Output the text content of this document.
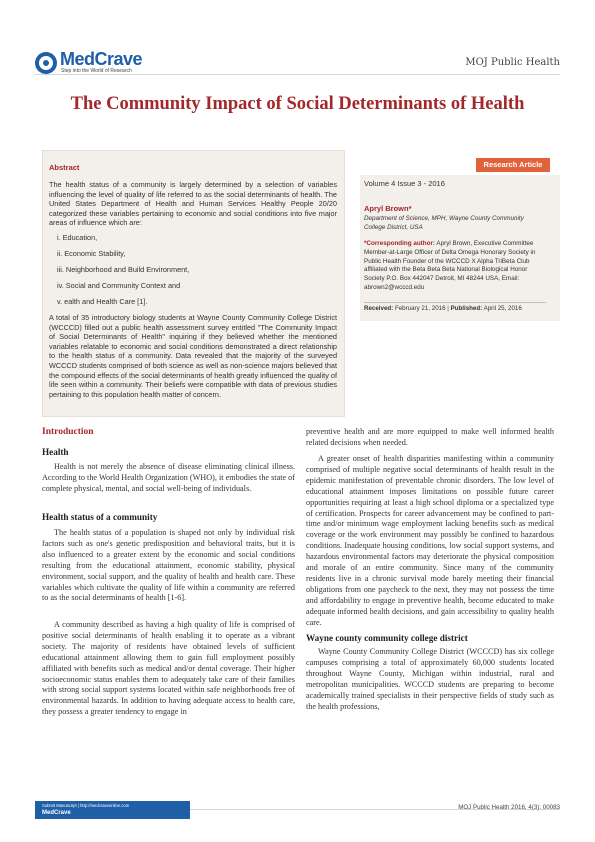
MedCrave
Step into the World of Research
MOJ Public Health
The Community Impact of Social Determinants of Health
Abstract
The health status of a community is largely determined by a selection of variables influencing the level of quality of life referred to as the social determinants of health. The United States Department of Health and Human Services Healthy People 20/20 categorized these variables pertaining to economic and social conditions into five major areas of influence which are:
i. Education,
ii. Economic Stability,
iii. Neighborhood and Build Environment,
iv. Social and Community Context and
v. ealth and Health Care [1].
A total of 35 introductory biology students at Wayne County Community College District (WCCCD) filled out a public health assessment survey entitled "The Community Impact of Social Determinants of Health" inquiring if they believed whether the mentioned variables relatable to economic and social conditions demonstrated a direct relationship to the health status of a community. Data revealed that the majority of the surveyed WCCCD students comprised of both science as well as non-science majors believed that the compound effects of the social determinants of health greatly influenced the quality of life seen within a community. Their beliefs were compatible with data of previous studies pertaining to this population health matter of concern.
Research Article
Volume 4 Issue 3 - 2016
Apryl Brown*
Department of Science, MPH, Wayne County Community College District, USA
*Corresponding author: Apryl Brown, Executive Committee Member-at-Large Officer of Delta Omega Honorary Society in Public Health Founder of the WCCCD X Alpha TriBeta Club affiliated with the Beta Beta Beta National Biological Honor Society P.O. Box 442047 Detroit, MI 48244 USA, Email: abrown2@wcccd.edu
Received: February 21, 2016 | Published: April 25, 2016
Introduction
Health
Health is not merely the absence of disease eliminating clinical illness. According to the World Health Organization (WHO), it embodies the state of complete physical, mental, and social well-being of individuals.
Health status of a community
The health status of a population is shaped not only by individual risk factors such as one's genetic predisposition and behavioral traits, but it is also influenced to a greater extent by the economic and social conditions resulting from the educational attainment, economic stability, physical environment, social support, and the quality of health and health care. These variables which cultivate the quality of life within a community are referred to as the social determinants of health [1-6].
A community described as having a high quality of life is comprised of positive social determinants of health enabling it to operate as a vibrant society. The majority of residents have obtained levels of sufficient educational attainment allowing them to gain full employment possibly affiliated with benefits such as medical and/or dental coverage. Their higher socioeconomic status enables them to adequately take care of their families with strong social support systems located within safe neighborhoods free of environmental hazards. In addition to having adequate access to health care, they possess a greater tendency to engage in
preventive health and are more equipped to make well informed health related decisions when needed.
A greater onset of health disparities manifesting within a community comprised of multiple negative social determinants of health result in the epidemic manifestation of preventable chronic disorders. The low level of educational attainment imposes limitations on possible future career opportunities requiring at least a high school diploma or a specialized type of certification. Prospects for career advancement may be confined to part-time and/or minimum wage employment lacking benefits such as medical coverage or the work environment may possibly be confined to hazardous conditions. Inadequate housing conditions, low social support systems, and hazardous environmental factors may deteriorate the physical composition and morale of an entire community. Since many of the community residents live in a chronic survival mode barely meeting their financial obligations from one paycheck to the next, they may not possess the time and affordability to engage in preventive health, become educated to make adequate informed health decisions, and gain accessibility to quality health care.
Wayne county community college district
Wayne County Community College District (WCCCD) has six college campuses comprising a total of approximately 60,000 students located throughout Wayne County, Michigan within industrial, rural and metropolitan municipalities. WCCCD students are preparing to become academically trained specialists in their perspective fields of study such as the health professions,
Submit Manuscript | http://medcraveonline.com
MedCrave
MOJ Public Health 2016, 4(3): 00083
